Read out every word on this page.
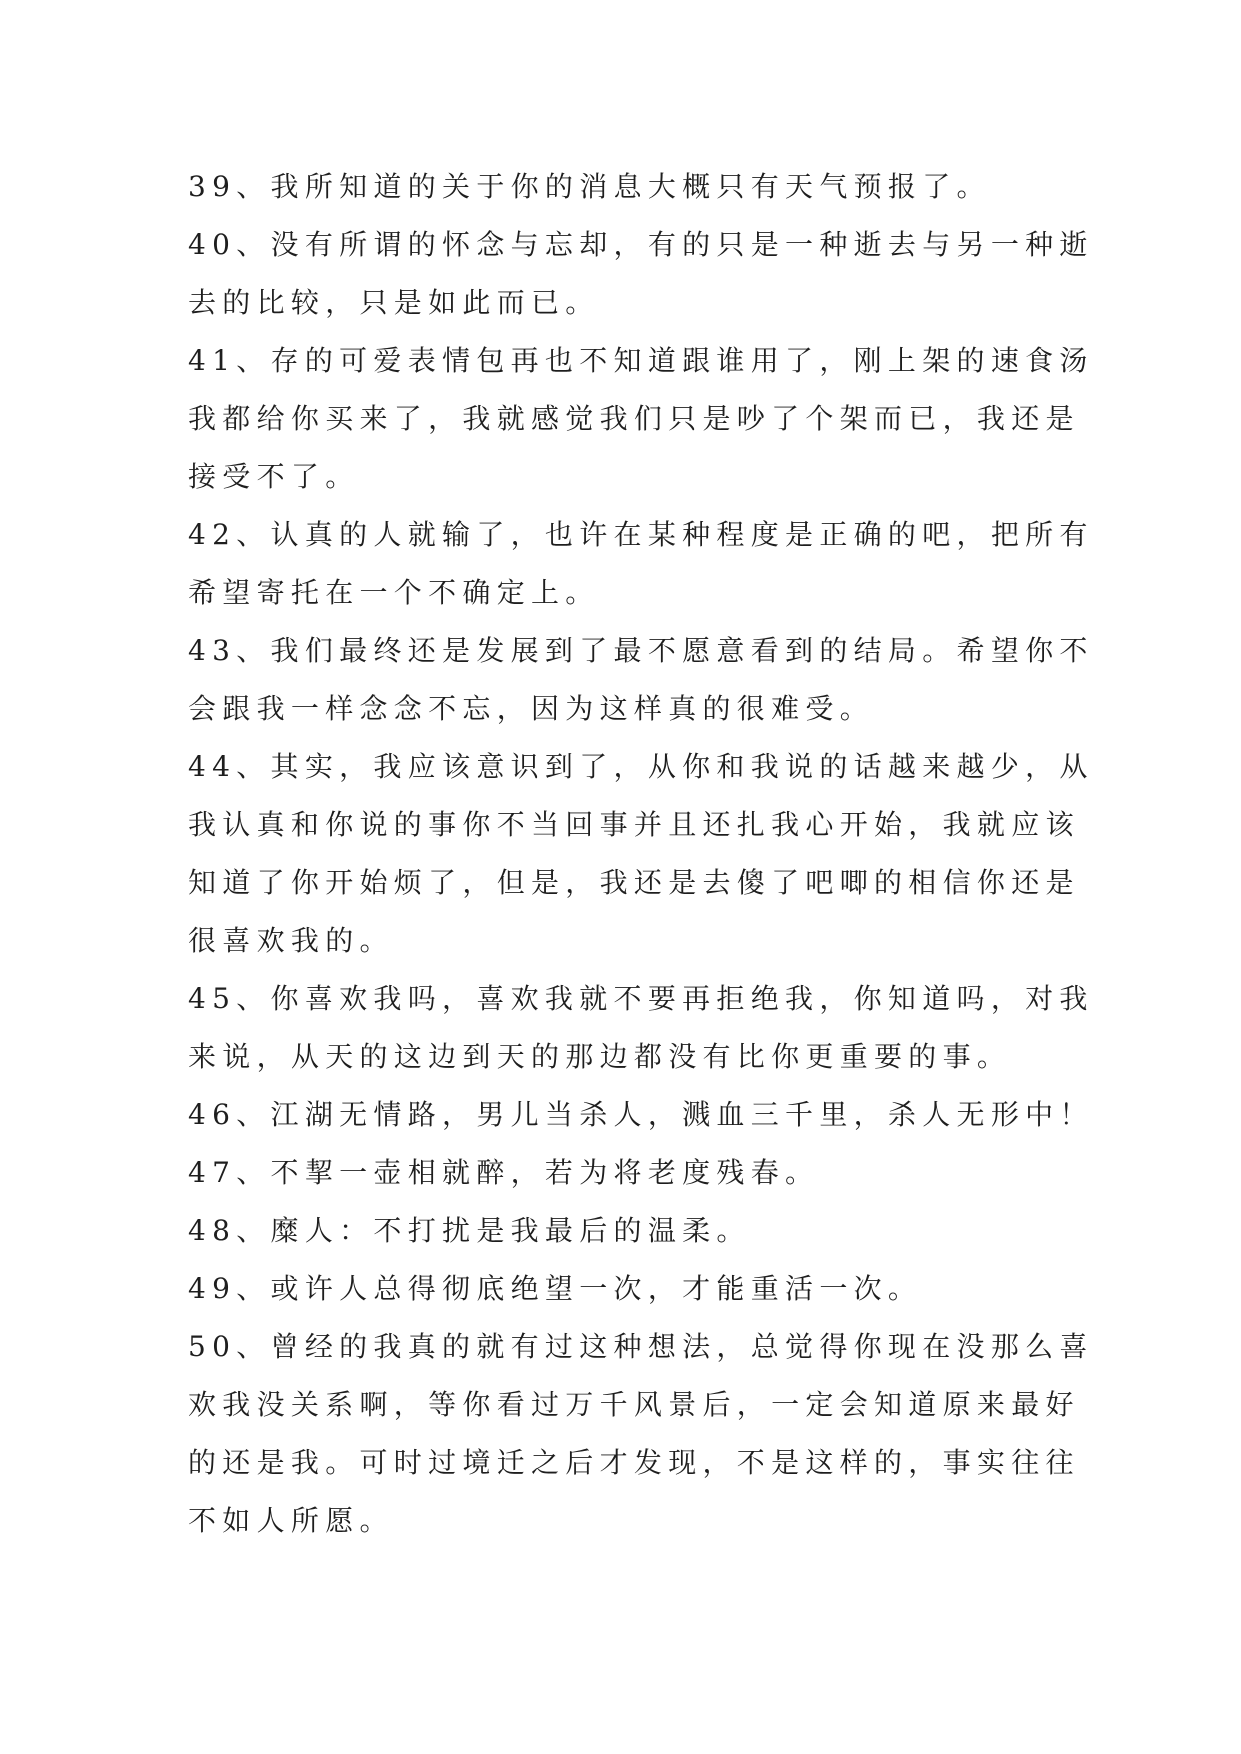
39、我所知道的关于你的消息大概只有天气预报了。
40、没有所谓的怀念与忘却，有的只是一种逝去与另一种逝
去的比较，只是如此而已。
41、存的可爱表情包再也不知道跟谁用了，刚上架的速食汤
我都给你买来了，我就感觉我们只是吵了个架而已，我还是
接受不了。
42、认真的人就输了，也许在某种程度是正确的吧，把所有
希望寄托在一个不确定上。
43、我们最终还是发展到了最不愿意看到的结局。希望你不
会跟我一样念念不忘，因为这样真的很难受。
44、其实，我应该意识到了，从你和我说的话越来越少，从
我认真和你说的事你不当回事并且还扎我心开始，我就应该
知道了你开始烦了，但是，我还是去傻了吧唧的相信你还是
很喜欢我的。
45、你喜欢我吗，喜欢我就不要再拒绝我，你知道吗，对我
来说，从天的这边到天的那边都没有比你更重要的事。
46、江湖无情路，男儿当杀人，溅血三千里，杀人无形中！
47、不挈一壶相就醉，若为将老度残春。
48、糜人：不打扰是我最后的温柔。
49、或许人总得彻底绝望一次，才能重活一次。
50、曾经的我真的就有过这种想法，总觉得你现在没那么喜
欢我没关系啊，等你看过万千风景后，一定会知道原来最好
的还是我。可时过境迁之后才发现，不是这样的，事实往往
不如人所愿。
